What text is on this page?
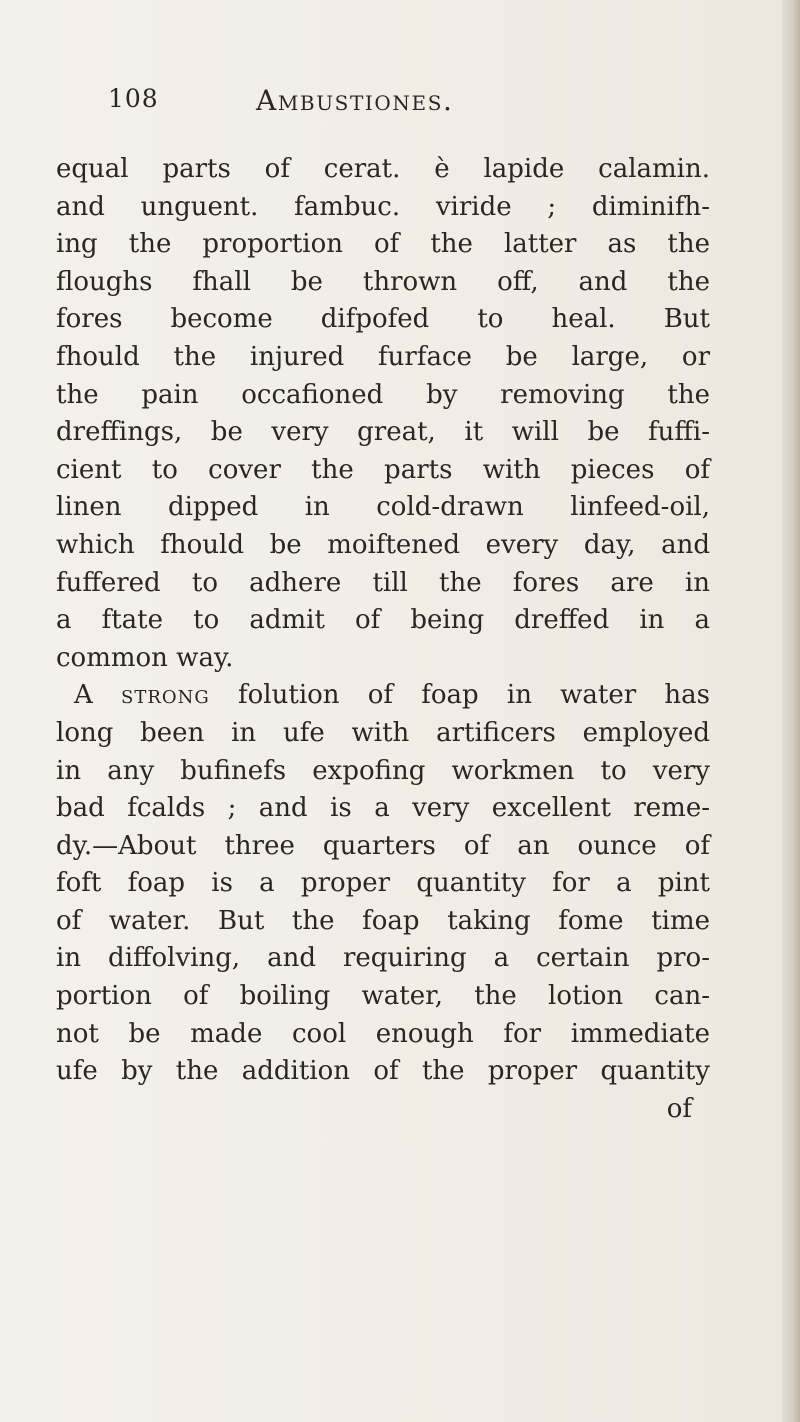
108	Ambustiones.
equal parts of cerat. è lapide calamin.
and unguent. fambuc. viride ; diminifh-
ing the proportion of the latter as the
floughs fhall be thrown off, and the
fores become difpofed to heal. But
fhould the injured furface be large, or
the pain occafioned by removing the
dreffings, be very great, it will be fuffi-
cient to cover the parts with pieces of
linen dipped in cold-drawn linfeed-oil,
which fhould be moiftened every day, and
fuffered to adhere till the fores are in
a ftate to admit of being dreffed in a
common way.
A strong folution of foap in water has
long been in ufe with artificers employed
in any bufinefs expofing workmen to very
bad fcalds ; and is a very excellent reme-
dy.—About three quarters of an ounce of
foft foap is a proper quantity for a pint
of water. But the foap taking fome time
in diffolving, and requiring a certain pro-
portion of boiling water, the lotion can-
not be made cool enough for immediate
ufe by the addition of the proper quantity
of
